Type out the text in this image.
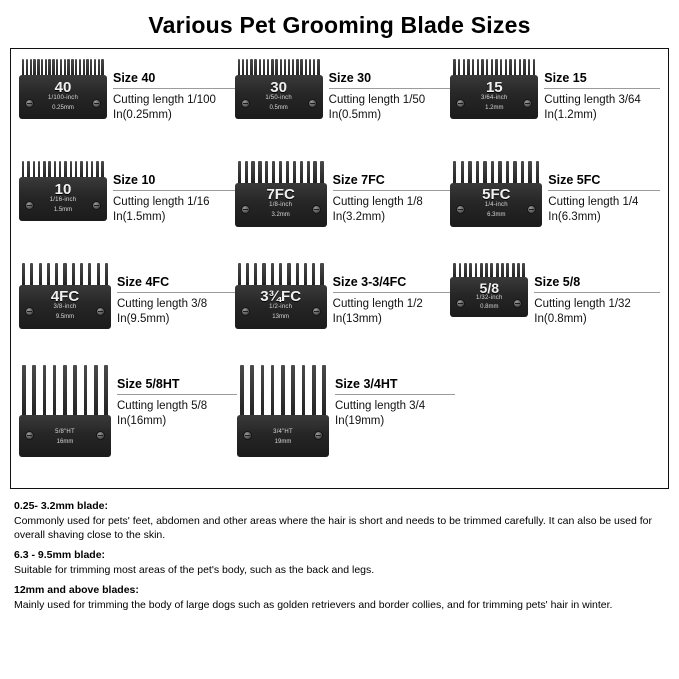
Various Pet Grooming Blade Sizes
40
1/100-inch
0.25mm
Size 40
Cutting length 1/100 In(0.25mm)
30
1/50-inch
0.5mm
Size 30
Cutting length 1/50 In(0.5mm)
15
3/64-inch
1.2mm
Size 15
Cutting length 3/64 In(1.2mm)
10
1/16-inch
1.5mm
Size 10
Cutting length 1/16 In(1.5mm)
7FC
1/8-inch
3.2mm
Size 7FC
Cutting length 1/8 In(3.2mm)
5FC
1/4-inch
6.3mm
Size 5FC
Cutting length 1/4 In(6.3mm)
4FC
3/8-inch
9.5mm
Size 4FC
Cutting length 3/8 In(9.5mm)
3¾FC
1/2-inch
13mm
Size 3-3/4FC
Cutting length 1/2 In(13mm)
5/8
1/32-inch
0.8mm
Size 5/8
Cutting length 1/32 In(0.8mm)
5/8"HT
16mm
Size 5/8HT
Cutting length 5/8 In(16mm)
3/4"HT
19mm
Size 3/4HT
Cutting length 3/4 In(19mm)
0.25- 3.2mm blade:
Commonly used for pets' feet, abdomen and other areas where the hair is short and needs to be trimmed carefully. It can also be used for overall shaving close to the skin.
6.3 - 9.5mm blade:
Suitable for trimming most areas of the pet's body, such as the back and legs.
12mm and above blades:
Mainly used for trimming the body of large dogs such as golden retrievers and border collies, and for trimming pets' hair in winter.
